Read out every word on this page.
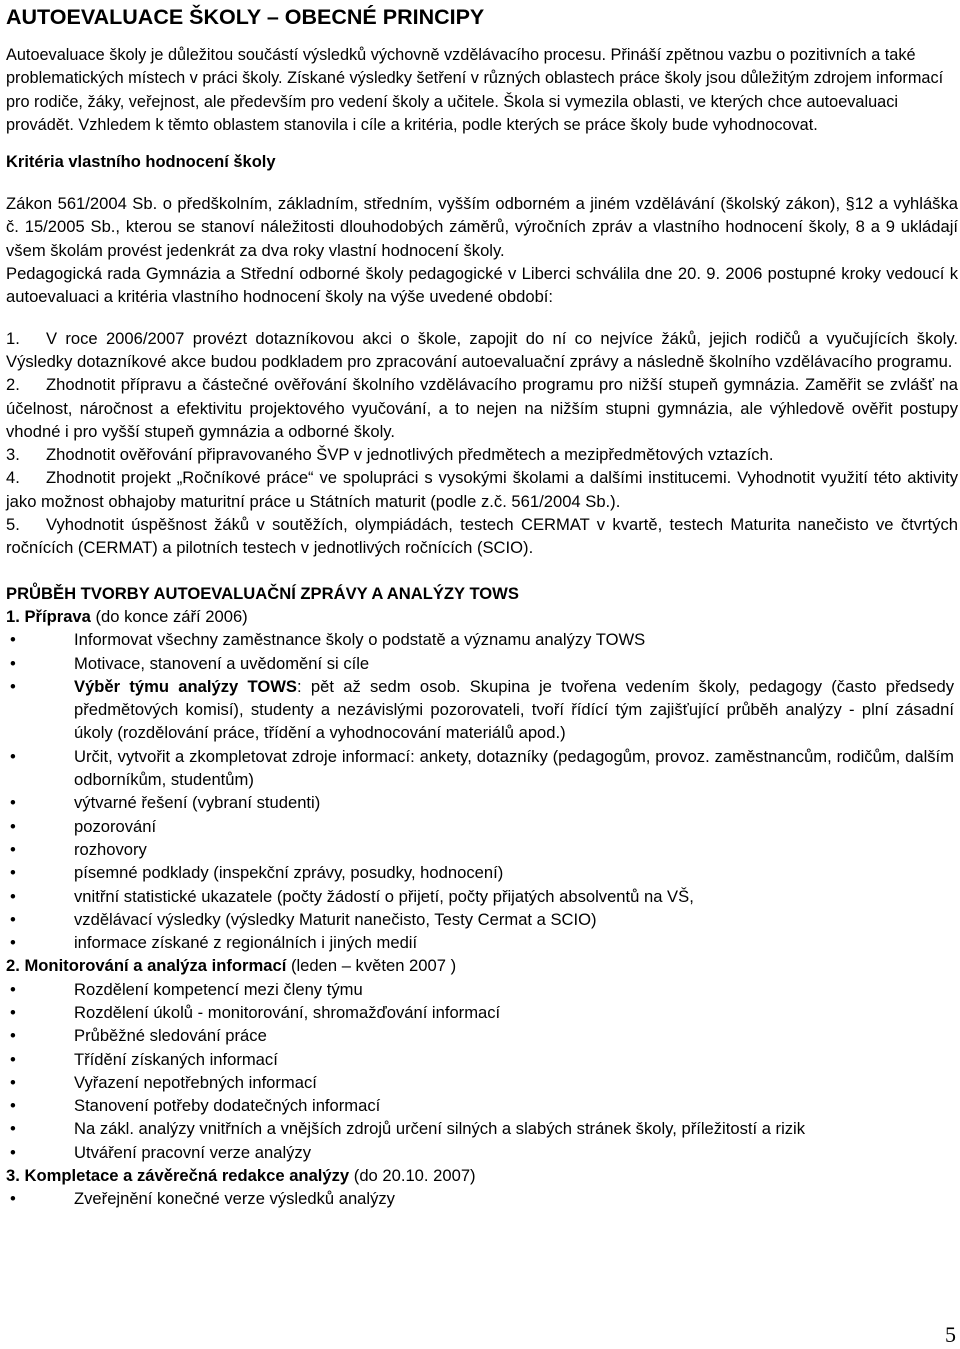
AUTOEVALUACE ŠKOLY – OBECNÉ PRINCIPY

Autoevaluace školy je důležitou součástí výsledků výchovně vzdělávacího procesu. Přináší zpětnou vazbu o pozitivních a také problematických místech v práci školy. Získané výsledky šetření v různých oblastech práce školy jsou důležitým zdrojem informací pro rodiče, žáky, veřejnost, ale především pro vedení školy a učitele. Škola si vymezila oblasti, ve kterých chce autoevaluaci provádět. Vzhledem k těmto oblastem stanovila i cíle a kritéria, podle kterých se práce školy bude vyhodnocovat.

Kritéria vlastního hodnocení školy

Zákon 561/2004 Sb. o předškolním, základním, středním, vyšším odborném a jiném vzdělávání (školský zákon), §12 a vyhláška č. 15/2005 Sb., kterou se stanoví náležitosti dlouhodobých záměrů, výročních zpráv a vlastního hodnocení školy, 8 a 9 ukládají všem školám provést jedenkrát za dva roky vlastní hodnocení školy.

Pedagogická rada Gymnázia a Střední odborné školy pedagogické v Liberci schválila dne 20. 9. 2006 postupné kroky vedoucí k autoevaluaci a kritéria vlastního hodnocení školy na výše uvedené období:

1. V roce 2006/2007 provézt dotazníkovou akci o škole, zapojit do ní co nejvíce žáků, jejich rodičů a vyučujících školy. Výsledky dotazníkové akce budou podkladem pro zpracování autoevaluační zprávy a následně školního vzdělávacího programu.
2. Zhodnotit přípravu a částečné ověřování školního vzdělávacího programu pro nižší stupeň gymnázia. Zaměřit se zvlášť na účelnost, náročnost a efektivitu projektového vyučování, a to nejen na nižším stupni gymnázia, ale výhledově ověřit postupy vhodné i pro vyšší stupeň gymnázia a odborné školy.
3. Zhodnotit ověřování připravovaného ŠVP v jednotlivých předmětech a mezipředmětových vztazích.
4. Zhodnotit projekt „Ročníkové práce“ ve spolupráci s vysokými školami a dalšími institucemi. Vyhodnotit využití této aktivity jako možnost obhajoby maturitní práce u Státních maturit (podle z.č. 561/2004 Sb.).
5. Vyhodnotit úspěšnost žáků v soutěžích, olympiádách, testech CERMAT v kvartě, testech Maturita nanečisto ve čtvrtých ročnících (CERMAT) a pilotních testech v jednotlivých ročnících (SCIO).
PRŮBĚH TVORBY AUTOEVALUAČNÍ ZPRÁVY A ANALÝZY TOWS
1. Příprava (do konce září 2006)
•	Informovat všechny zaměstnance školy o podstatě a významu analýzy TOWS
•	Motivace, stanovení a uvědomění si cíle
•	Výběr týmu analýzy TOWS: pět až sedm osob. Skupina je tvořena vedením školy, pedagogy (často předsedy předmětových komisí), studenty a nezávislými pozorovateli, tvoří řídící tým zajišťující průběh analýzy - plní zásadní úkoly (rozdělování práce, třídění a vyhodnocování materiálů apod.)
•	Určit, vytvořit a zkompletovat zdroje informací: ankety, dotazníky (pedagogům, provoz. zaměstnancům, rodičům, dalším odborníkům, studentům)
•	výtvarné řešení (vybraní studenti)
•	pozorování
•	rozhovory
•	písemné podklady (inspekční zprávy, posudky, hodnocení)
•	vnitřní statistické ukazatele (počty žádostí o přijetí, počty přijatých absolventů na VŠ,
•	vzdělávací výsledky (výsledky Maturit nanečisto, Testy Cermat a SCIO)
•	informace získané z regionálních i jiných medií
2. Monitorování a analýza informací (leden – květen 2007 )
•	Rozdělení kompetencí mezi členy týmu
•	Rozdělení úkolů - monitorování, shromažďování informací
•	Průběžné sledování práce
•	Třídění získaných informací
•	Vyřazení nepotřebných informací
•	Stanovení potřeby dodatečných informací
•	Na zákl. analýzy vnitřních a vnějších zdrojů určení silných a slabých stránek školy, příležitostí a rizik
•	Utváření pracovní verze analýzy
3. Kompletace a závěrečná redakce analýzy (do 20.10. 2007)
•	Zveřejnění konečné verze výsledků analýzy
5
